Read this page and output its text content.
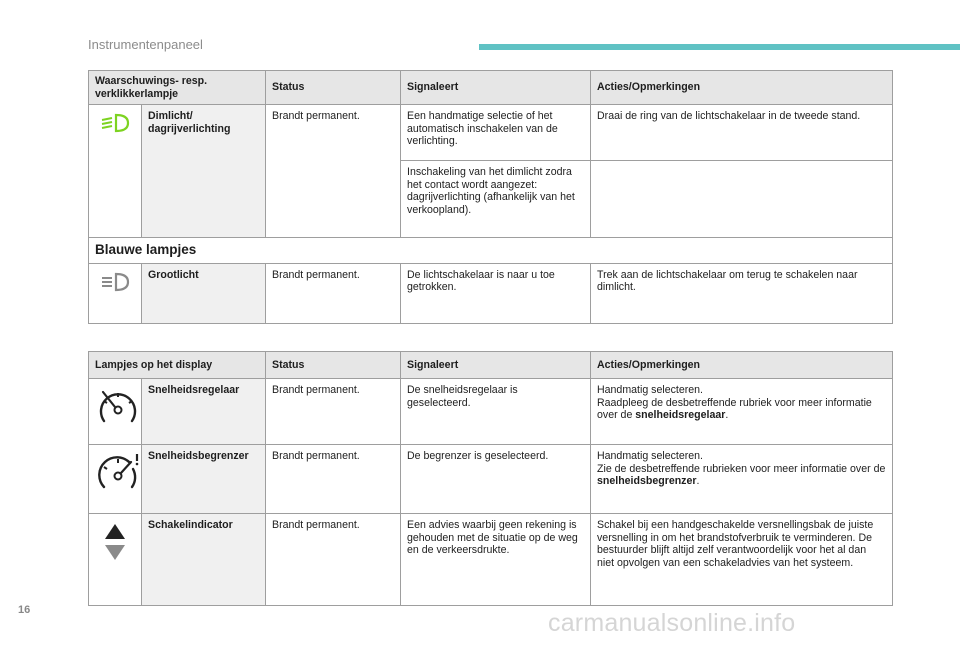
Instrumentenpaneel
Waarschuwings- resp. verklikkerlampje		Status	Signaleert	Acties/Opmerkingen

	Dimlicht/ dagrijverlichting	Brandt permanent.	Een handmatige selectie of het automatisch inschakelen van de verlichting.	Draai de ring van de lichtschakelaar in de tweede stand.
			Inschakeling van het dimlicht zodra het contact wordt aangezet: dagrijverlichting (afhankelijk van het verkoopland).	
Blauwe lampjes				

	Grootlicht	Brandt permanent.	De lichtschakelaar is naar u toe getrokken.	Trek aan de lichtschakelaar om terug te schakelen naar dimlicht.
Lampjes op het display		Status	Signaleert	Acties/Opmerkingen

	Snelheidsregelaar	Brandt permanent.	De snelheidsregelaar is geselecteerd.	Handmatig selecteren.
Raadpleeg de desbetreffende rubriek voor meer informatie over de snelheidsregelaar.

	Snelheidsbegrenzer	Brandt permanent.	De begrenzer is geselecteerd.	Handmatig selecteren.
Zie de desbetreffende rubrieken voor meer informatie over de snelheidsbegrenzer.

	Schakelindicator	Brandt permanent.	Een advies waarbij geen rekening is gehouden met de situatie op de weg en de verkeersdrukte.	Schakel bij een handgeschakelde versnellingsbak de juiste versnelling in om het brandstofverbruik te verminderen. De bestuurder blijft altijd zelf verantwoordelijk voor het al dan niet opvolgen van een schakeladvies van het systeem.
16	carmanualsonline.info
